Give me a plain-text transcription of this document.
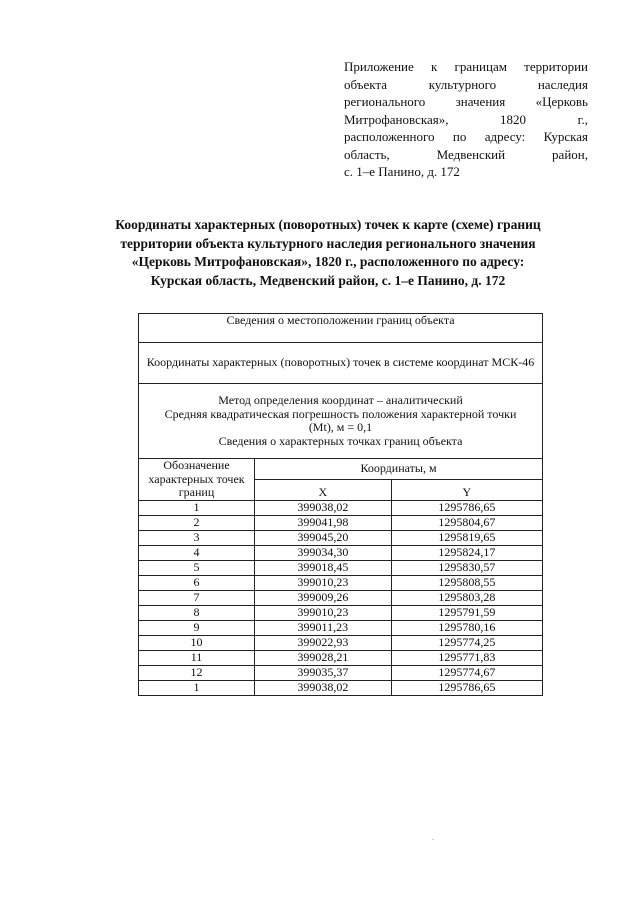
Приложение к границам территории
объекта культурного наследия
регионального значения «Церковь
Митрофановская», 1820 г.,
расположенного по адресу: Курская
область, Медвенский район,
с. 1–е Панино, д. 172
Координаты характерных (поворотных) точек к карте (схеме) границ
территории объекта культурного наследия регионального значения
«Церковь Митрофановская», 1820 г., расположенного по адресу:
Курская область, Медвенский район, с. 1–е Панино, д. 172
Сведения о местоположении границ объекта		
Координаты характерных (поворотных) точек в системе координат МСК-46		

Метод определения координат – аналитический
Средняя квадратическая погрешность положения характерной точки
(Mt), м = 0,1
Сведения о характерных точках границ объекта		

Обозначение
характерных точек
границ	Координаты, м	
	X	Y
1	399038,02	1295786,65
2	399041,98	1295804,67
3	399045,20	1295819,65
4	399034,30	1295824,17
5	399018,45	1295830,57
6	399010,23	1295808,55
7	399009,26	1295803,28
8	399010,23	1295791,59
9	399011,23	1295780,16
10	399022,93	1295774,25
11	399028,21	1295771,83
12	399035,37	1295774,67
1	399038,02	1295786,65
